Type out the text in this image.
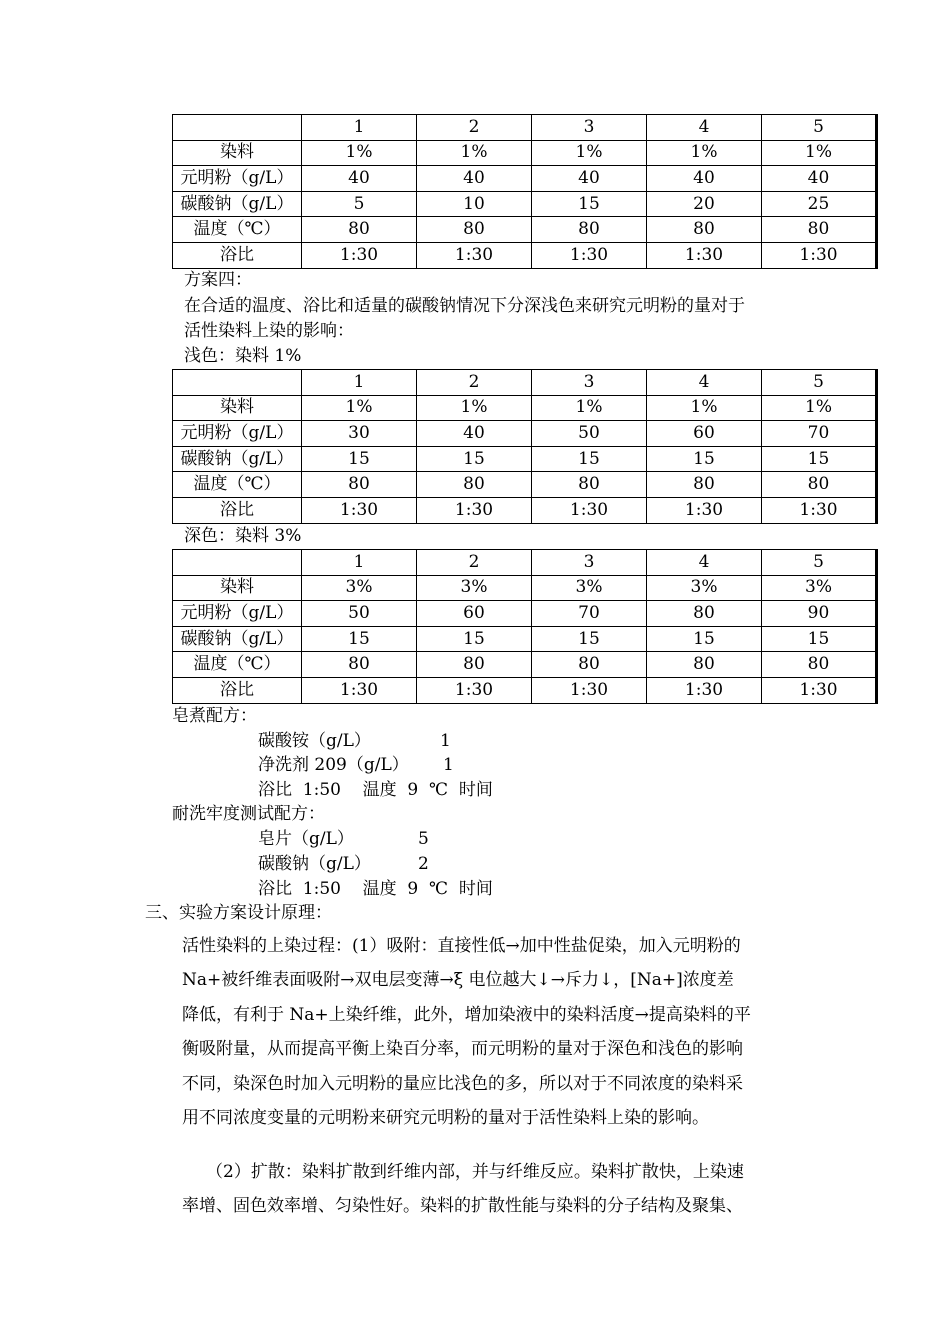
	1	2	3	4	5
染料	1%	1%	1%	1%	1%
元明粉（g/L）	40	40	40	40	40
碳酸钠（g/L）	5	10	15	20	25
温度（℃）	80	80	80	80	80
浴比	1:30	1:30	1:30	1:30	1:30
方案四：
在合适的温度、浴比和适量的碳酸钠情况下分深浅色来研究元明粉的量对于
活性染料上染的影响：
浅色：染料 1%
	1	2	3	4	5
染料	1%	1%	1%	1%	1%
元明粉（g/L）	30	40	50	60	70
碳酸钠（g/L）	15	15	15	15	15
温度（℃）	80	80	80	80	80
浴比	1:30	1:30	1:30	1:30	1:30
深色：染料 3%
	1	2	3	4	5
染料	3%	3%	3%	3%	3%
元明粉（g/L）	50	60	70	80	90
碳酸钠（g/L）	15	15	15	15	15
温度（℃）	80	80	80	80	80
浴比	1:30	1:30	1:30	1:30	1:30
皂煮配方：
碳酸铵（g/L）	1
净洗剂 209（g/L） 1
浴比  1:50    温度  9  ℃  时间
耐洗牢度测试配方：
皂片（g/L）	5
碳酸钠（g/L）	2
浴比  1:50    温度  9  ℃  时间
三、实验方案设计原理：
活性染料的上染过程：(1）吸附：直接性低→加中性盐促染，加入元明粉的
Na+被纤维表面吸附→双电层变薄→ξ 电位越大↓→斥力↓，[Na+]浓度差
降低，有利于 Na+上染纤维，此外，增加染液中的染料活度→提高染料的平
衡吸附量，从而提高平衡上染百分率，而元明粉的量对于深色和浅色的影响
不同，染深色时加入元明粉的量应比浅色的多，所以对于不同浓度的染料采
用不同浓度变量的元明粉来研究元明粉的量对于活性染料上染的影响。
（2）扩散：染料扩散到纤维内部，并与纤维反应。染料扩散快，上染速
率增、固色效率增、匀染性好。染料的扩散性能与染料的分子结构及聚集、
